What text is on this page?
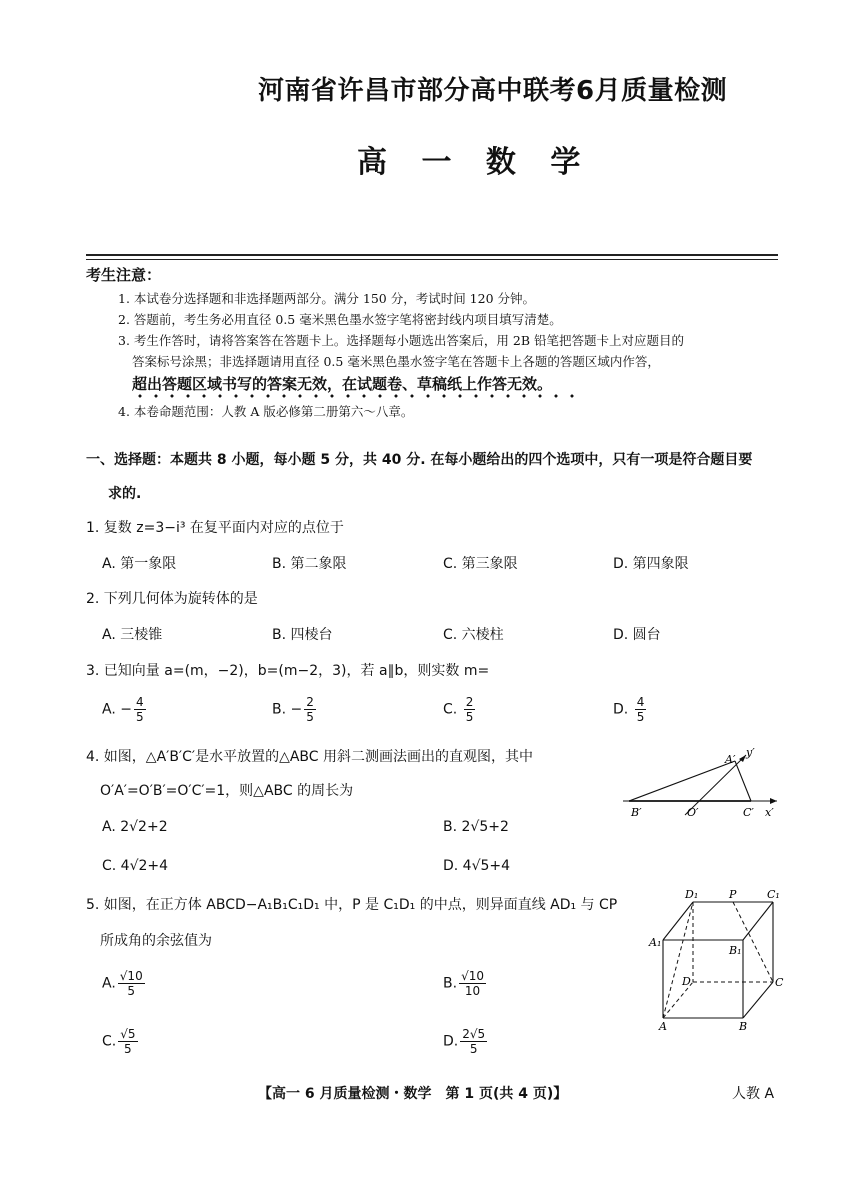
河南省许昌市部分高中联考6月质量检测
高 一 数 学
考生注意：
1. 本试卷分选择题和非选择题两部分。满分 150 分，考试时间 120 分钟。
2. 答题前，考生务必用直径 0.5 毫米黑色墨水签字笔将密封线内项目填写清楚。
3. 考生作答时，请将答案答在答题卡上。选择题每小题选出答案后，用 2B 铅笔把答题卡上对应题目的
答案标号涂黑；非选择题请用直径 0.5 毫米黑色墨水签字笔在答题卡上各题的答题区域内作答，
超出答题区域书写的答案无效，在试题卷、草稿纸上作答无效。
4. 本卷命题范围：人教 A 版必修第二册第六～八章。
一、选择题：本题共 8 小题，每小题 5 分，共 40 分. 在每小题给出的四个选项中，只有一项是符合题目要
求的.
1. 复数 z=3−i³ 在复平面内对应的点位于
A. 第一象限	B. 第二象限	C. 第三象限	D. 第四象限
2. 下列几何体为旋转体的是
A. 三棱锥	B. 四棱台	C. 六棱柱	D. 圆台
3. 已知向量 a=(m，−2)，b=(m−2，3)，若 a∥b，则实数 m=
A. − $\frac{4}{5}$	B. − $\frac{2}{5}$	C. $\frac{2}{5}$	D. $\frac{4}{5}$
4. 如图，△A′B′C′是水平放置的△ABC 用斜二测画法画出的直观图，其中
O′A′=O′B′=O′C′=1，则△ABC 的周长为
A. 2√2+2	B. 2√5+2
C. 4√2+4	D. 4√5+4
A′
y′
B′	O′	C′ x′
5. 如图，在正方体 ABCD−A₁B₁C₁D₁ 中，P 是 C₁D₁ 的中点，则异面直线 AD₁ 与 CP
所成角的余弦值为
A. $\frac{√10}{5}$	B. $\frac{√10}{10}$
C. $\frac{√5}{5}$	D. $\frac{2√5}{5}$
D₁	P	C₁
A₁
B₁
D	C
A	B
【高一 6 月质量检测・数学　第 1 页(共 4 页)】	人教 A
